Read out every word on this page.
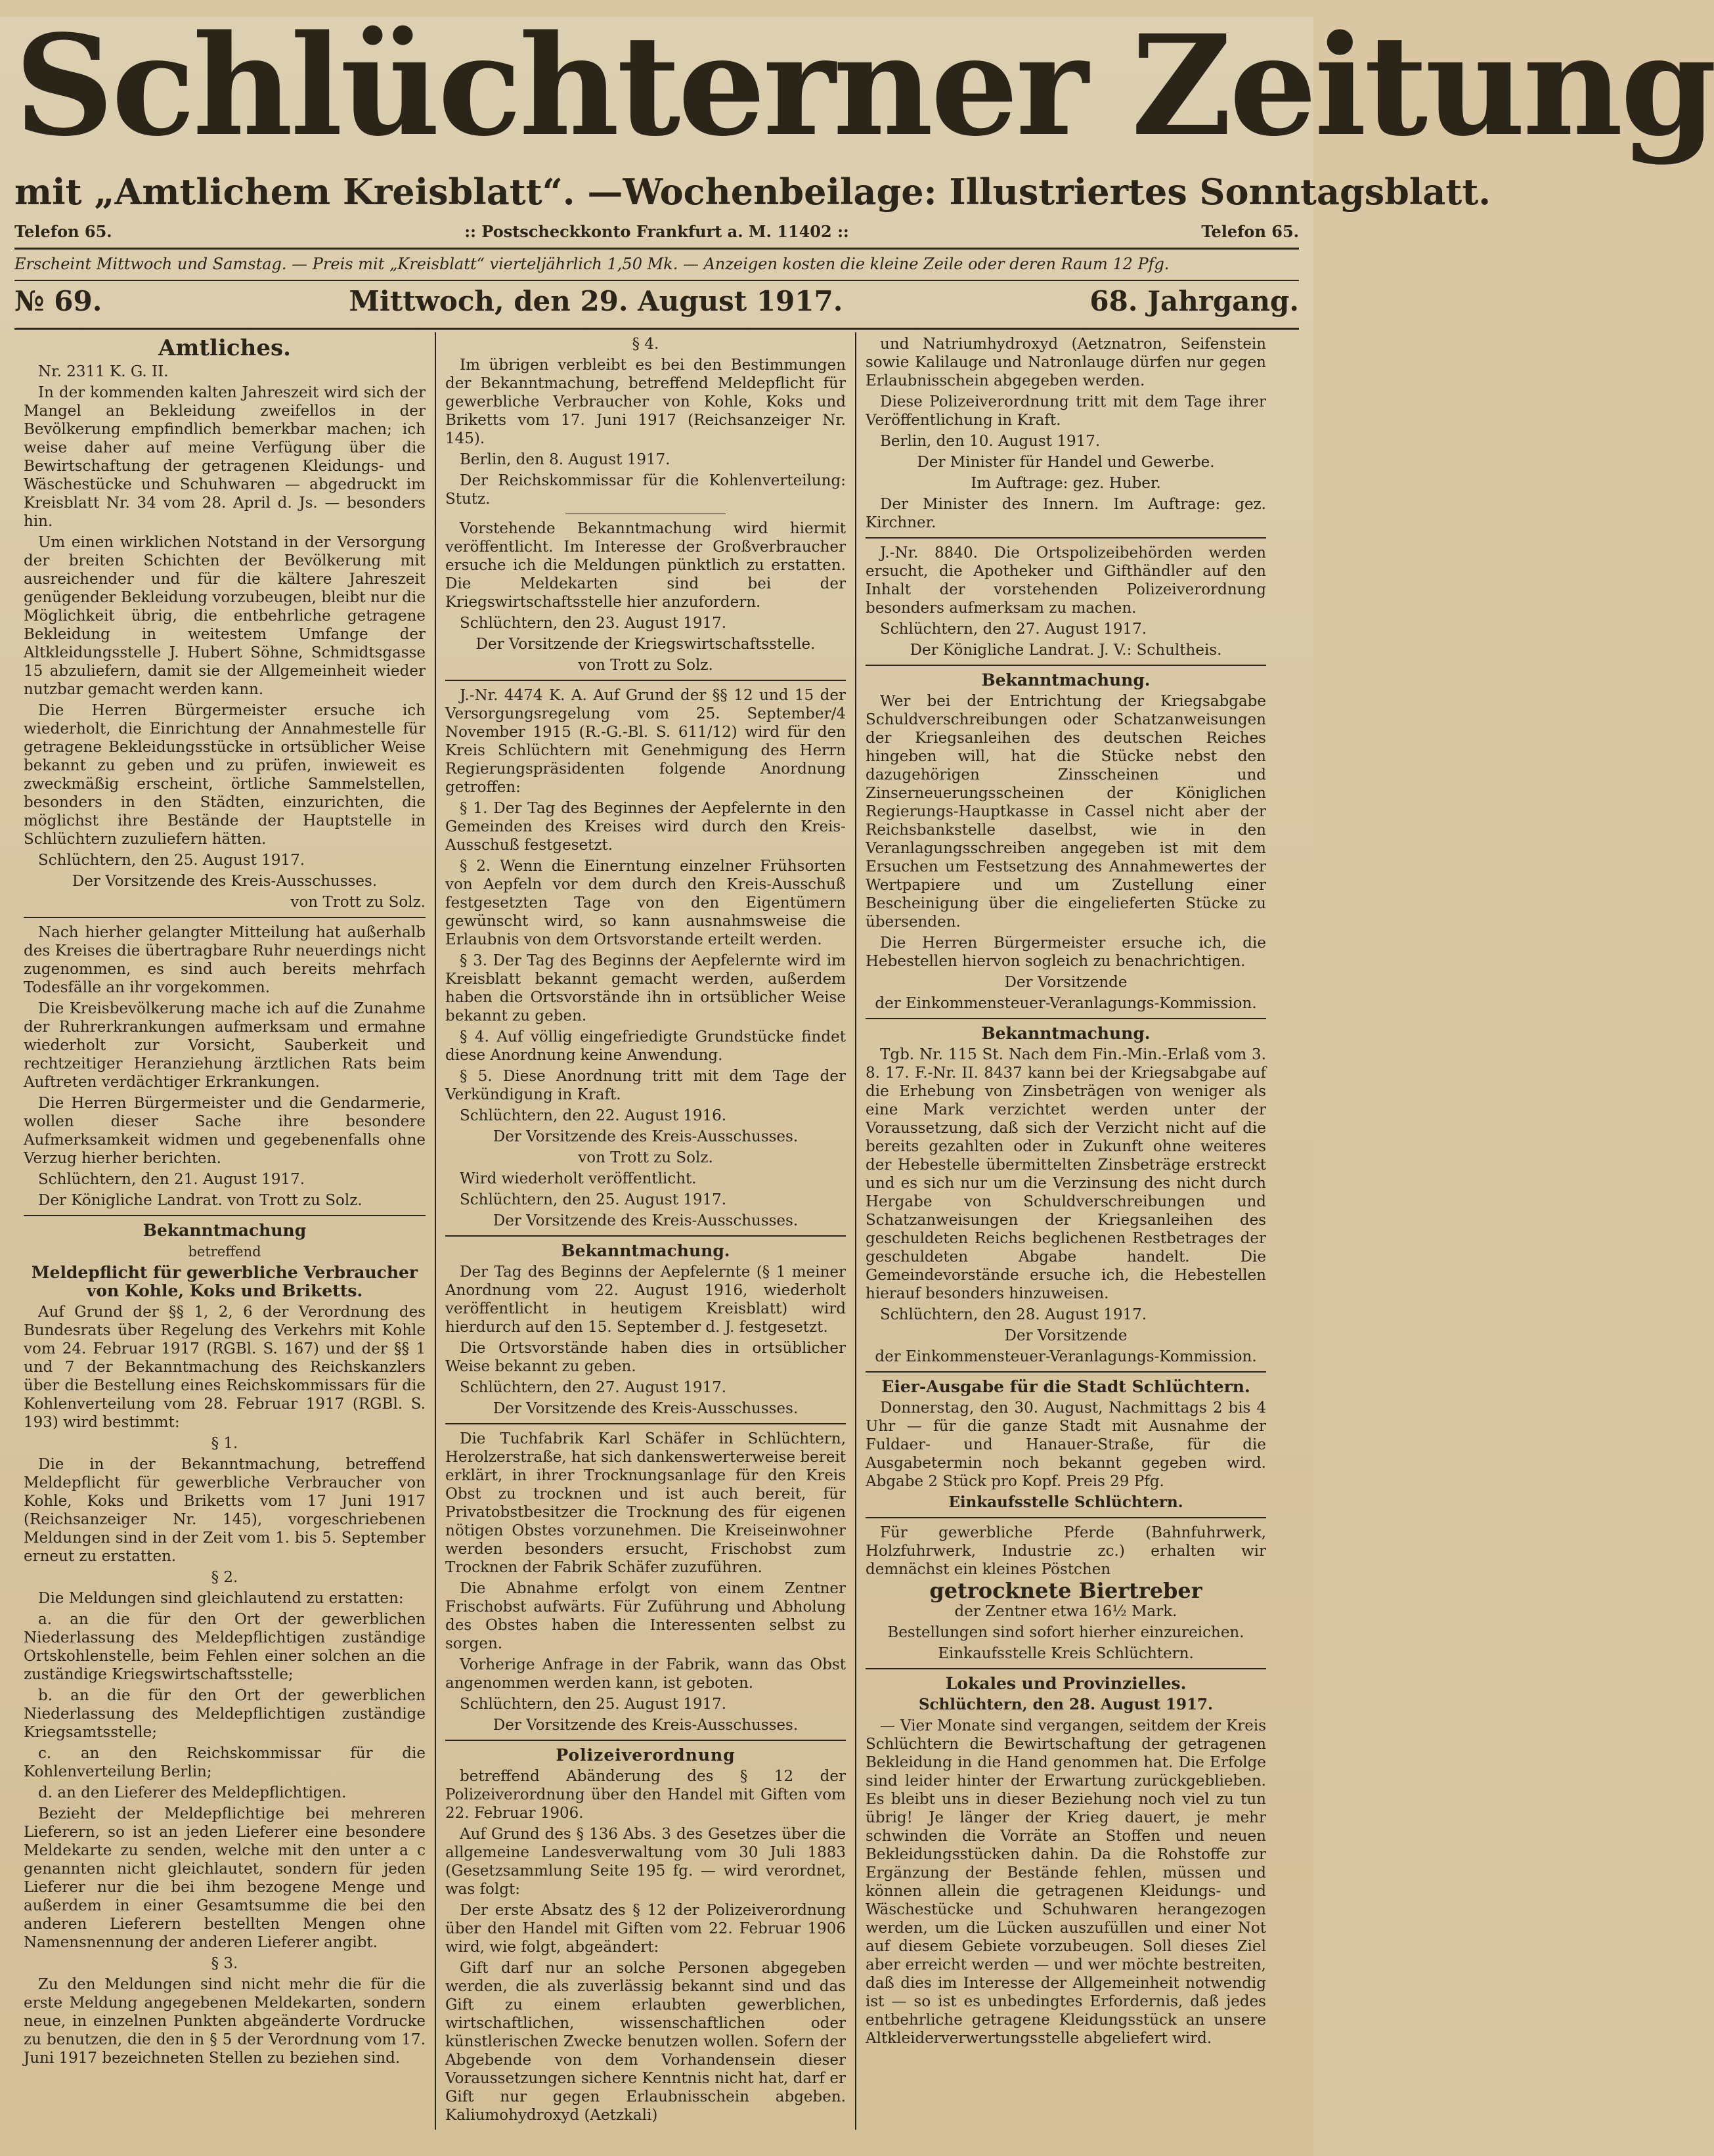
Schlüchterner Zeitung
mit „Amtlichem Kreisblatt“. — Wochenbeilage: Illustriertes Sonntagsblatt.
Telefon 65.	:: Postscheckkonto Frankfurt a. M. 11402 ::	Telefon 65.
Erscheint Mittwoch und Samstag. — Preis mit „Kreisblatt“ vierteljährlich 1,50 Mk. — Anzeigen kosten die kleine Zeile oder deren Raum 12 Pfg.
№ 69.	Mittwoch, den 29. August 1917.	68. Jahrgang.
Amtliches.

Nr. 2311 K. G. II.

In der kommenden kalten Jahreszeit wird sich der Mangel an Bekleidung zweifellos in der Bevölkerung empfindlich bemerkbar machen; ich weise daher auf meine Verfügung über die Bewirtschaftung der getragenen Kleidungs- und Wäschestücke und Schuhwaren — abgedruckt im Kreisblatt Nr. 34 vom 28. April d. Js. — besonders hin.

Um einen wirklichen Notstand in der Versorgung der breiten Schichten der Bevölkerung mit ausreichender und für die kältere Jahreszeit genügender Bekleidung vorzubeugen, bleibt nur die Möglichkeit übrig, die entbehrliche getragene Bekleidung in weitestem Umfange der Altkleidungsstelle J. Hubert Söhne, Schmidtsgasse 15 abzuliefern, damit sie der Allgemeinheit wieder nutzbar gemacht werden kann.

Die Herren Bürgermeister ersuche ich wiederholt, die Einrichtung der Annahmestelle für getragene Bekleidungsstücke in ortsüblicher Weise bekannt zu geben und zu prüfen, inwieweit es zweckmäßig erscheint, örtliche Sammelstellen, besonders in den Städten, einzurichten, die möglichst ihre Bestände der Hauptstelle in Schlüchtern zuzuliefern hätten.

Schlüchtern, den 25. August 1917.

Der Vorsitzende des Kreis-Ausschusses.

von Trott zu Solz.

Nach hierher gelangter Mitteilung hat außerhalb des Kreises die übertragbare Ruhr neuerdings nicht zugenommen, es sind auch bereits mehrfach Todesfälle an ihr vorgekommen.

Die Kreisbevölkerung mache ich auf die Zunahme der Ruhrerkrankungen aufmerksam und ermahne wiederholt zur Vorsicht, Sauberkeit und rechtzeitiger Heranziehung ärztlichen Rats beim Auftreten verdächtiger Erkrankungen.

Die Herren Bürgermeister und die Gendarmerie, wollen dieser Sache ihre besondere Aufmerksamkeit widmen und gegebenenfalls ohne Verzug hierher berichten.

Schlüchtern, den 21. August 1917.

Der Königliche Landrat. von Trott zu Solz.

Bekanntmachung

betreffend

Meldepflicht für gewerbliche Verbraucher von Kohle, Koks und Briketts.

Auf Grund der §§ 1, 2, 6 der Verordnung des Bundesrats über Regelung des Verkehrs mit Kohle vom 24. Februar 1917 (RGBl. S. 167) und der §§ 1 und 7 der Bekanntmachung des Reichskanzlers über die Bestellung eines Reichskommissars für die Kohlenverteilung vom 28. Februar 1917 (RGBl. S. 193) wird bestimmt:

§ 1.

Die in der Bekanntmachung, betreffend Meldepflicht für gewerbliche Verbraucher von Kohle, Koks und Briketts vom 17 Juni 1917 (Reichsanzeiger Nr. 145), vorgeschriebenen Meldungen sind in der Zeit vom 1. bis 5. September erneut zu erstatten.

§ 2.

Die Meldungen sind gleichlautend zu erstatten:

a. an die für den Ort der gewerblichen Niederlassung des Meldepflichtigen zuständige Ortskohlenstelle, beim Fehlen einer solchen an die zuständige Kriegswirtschaftsstelle;

b. an die für den Ort der gewerblichen Niederlassung des Meldepflichtigen zuständige Kriegsamtsstelle;

c. an den Reichskommissar für die Kohlenverteilung Berlin;

d. an den Lieferer des Meldepflichtigen.

Bezieht der Meldepflichtige bei mehreren Lieferern, so ist an jeden Lieferer eine besondere Meldekarte zu senden, welche mit den unter a c genannten nicht gleichlautet, sondern für jeden Lieferer nur die bei ihm bezogene Menge und außerdem in einer Gesamtsumme die bei den anderen Lieferern bestellten Mengen ohne Namensnennung der anderen Lieferer angibt.

§ 3.

Zu den Meldungen sind nicht mehr die für die erste Meldung angegebenen Meldekarten, sondern neue, in einzelnen Punkten abgeänderte Vordrucke zu benutzen, die den in § 5 der Verordnung vom 17. Juni 1917 bezeichneten Stellen zu beziehen sind.

§ 4.

Im übrigen verbleibt es bei den Bestimmungen der Bekanntmachung, betreffend Meldepflicht für gewerbliche Verbraucher von Kohle, Koks und Briketts vom 17. Juni 1917 (Reichsanzeiger Nr. 145).

Berlin, den 8. August 1917.

Der Reichskommissar für die Kohlenverteilung: Stutz.

Vorstehende Bekanntmachung wird hiermit veröffentlicht. Im Interesse der Großverbraucher ersuche ich die Meldungen pünktlich zu erstatten. Die Meldekarten sind bei der Kriegswirtschaftsstelle hier anzufordern.

Schlüchtern, den 23. August 1917.

Der Vorsitzende der Kriegswirtschaftsstelle.

von Trott zu Solz.

J.-Nr. 4474 K. A. Auf Grund der §§ 12 und 15 der Versorgungsregelung vom 25. September/4 November 1915 (R.-G.-Bl. S. 611/12) wird für den Kreis Schlüchtern mit Genehmigung des Herrn Regierungspräsidenten folgende Anordnung getroffen:

§ 1. Der Tag des Beginnes der Aepfelernte in den Gemeinden des Kreises wird durch den Kreis-Ausschuß festgesetzt.

§ 2. Wenn die Einerntung einzelner Frühsorten von Aepfeln vor dem durch den Kreis-Ausschuß festgesetzten Tage von den Eigentümern gewünscht wird, so kann ausnahmsweise die Erlaubnis von dem Ortsvorstande erteilt werden.

§ 3. Der Tag des Beginns der Aepfelernte wird im Kreisblatt bekannt gemacht werden, außerdem haben die Ortsvorstände ihn in ortsüblicher Weise bekannt zu geben.

§ 4. Auf völlig eingefriedigte Grundstücke findet diese Anordnung keine Anwendung.

§ 5. Diese Anordnung tritt mit dem Tage der Verkündigung in Kraft.

Schlüchtern, den 22. August 1916.

Der Vorsitzende des Kreis-Ausschusses.

von Trott zu Solz.

Wird wiederholt veröffentlicht.

Schlüchtern, den 25. August 1917.

Der Vorsitzende des Kreis-Ausschusses.

Bekanntmachung.

Der Tag des Beginns der Aepfelernte (§ 1 meiner Anordnung vom 22. August 1916, wiederholt veröffentlicht in heutigem Kreisblatt) wird hierdurch auf den 15. September d. J. festgesetzt.

Die Ortsvorstände haben dies in ortsüblicher Weise bekannt zu geben.

Schlüchtern, den 27. August 1917.

Der Vorsitzende des Kreis-Ausschusses.

Die Tuchfabrik Karl Schäfer in Schlüchtern, Herolzerstraße, hat sich dankenswerterweise bereit erklärt, in ihrer Trocknungsanlage für den Kreis Obst zu trocknen und ist auch bereit, für Privatobstbesitzer die Trocknung des für eigenen nötigen Obstes vorzunehmen. Die Kreiseinwohner werden besonders ersucht, Frischobst zum Trocknen der Fabrik Schäfer zuzuführen.

Die Abnahme erfolgt von einem Zentner Frischobst aufwärts. Für Zuführung und Abholung des Obstes haben die Interessenten selbst zu sorgen.

Vorherige Anfrage in der Fabrik, wann das Obst angenommen werden kann, ist geboten.

Schlüchtern, den 25. August 1917.

Der Vorsitzende des Kreis-Ausschusses.

Polizeiverordnung

betreffend Abänderung des § 12 der Polizeiverordnung über den Handel mit Giften vom 22. Februar 1906.

Auf Grund des § 136 Abs. 3 des Gesetzes über die allgemeine Landesverwaltung vom 30 Juli 1883 (Gesetzsammlung Seite 195 fg. — wird verordnet, was folgt:

Der erste Absatz des § 12 der Polizeiverordnung über den Handel mit Giften vom 22. Februar 1906 wird, wie folgt, abgeändert:

Gift darf nur an solche Personen abgegeben werden, die als zuverlässig bekannt sind und das Gift zu einem erlaubten gewerblichen, wirtschaftlichen, wissenschaftlichen oder künstlerischen Zwecke benutzen wollen. Sofern der Abgebende von dem Vorhandensein dieser Voraussetzungen sichere Kenntnis nicht hat, darf er Gift nur gegen Erlaubnisschein abgeben. Kaliumohydroxyd (Aetzkali)

und Natriumhydroxyd (Aetznatron, Seifenstein sowie Kalilauge und Natronlauge dürfen nur gegen Erlaubnisschein abgegeben werden.

Diese Polizeiverordnung tritt mit dem Tage ihrer Veröffentlichung in Kraft.

Berlin, den 10. August 1917.

Der Minister für Handel und Gewerbe.

Im Auftrage: gez. Huber.

Der Minister des Innern. Im Auftrage: gez. Kirchner.

J.-Nr. 8840. Die Ortspolizeibehörden werden ersucht, die Apotheker und Gifthändler auf den Inhalt der vorstehenden Polizeiverordnung besonders aufmerksam zu machen.

Schlüchtern, den 27. August 1917.

Der Königliche Landrat. J. V.: Schultheis.

Bekanntmachung.

Wer bei der Entrichtung der Kriegsabgabe Schuldverschreibungen oder Schatzanweisungen der Kriegsanleihen des deutschen Reiches hingeben will, hat die Stücke nebst den dazugehörigen Zinsscheinen und Zinserneuerungsscheinen der Königlichen Regierungs-Hauptkasse in Cassel nicht aber der Reichsbankstelle daselbst, wie in den Veranlagungsschreiben angegeben ist mit dem Ersuchen um Festsetzung des Annahmewertes der Wertpapiere und um Zustellung einer Bescheinigung über die eingelieferten Stücke zu übersenden.

Die Herren Bürgermeister ersuche ich, die Hebestellen hiervon sogleich zu benachrichtigen.

Der Vorsitzende

der Einkommensteuer-Veranlagungs-Kommission.

Bekanntmachung.

Tgb. Nr. 115 St. Nach dem Fin.-Min.-Erlaß vom 3. 8. 17. F.-Nr. II. 8437 kann bei der Kriegsabgabe auf die Erhebung von Zinsbeträgen von weniger als eine Mark verzichtet werden unter der Voraussetzung, daß sich der Verzicht nicht auf die bereits gezahlten oder in Zukunft ohne weiteres der Hebestelle übermittelten Zinsbeträge erstreckt und es sich nur um die Verzinsung des nicht durch Hergabe von Schuldverschreibungen und Schatzanweisungen der Kriegsanleihen des geschuldeten Reichs beglichenen Restbetrages der geschuldeten Abgabe handelt. Die Gemeindevorstände ersuche ich, die Hebestellen hierauf besonders hinzuweisen.

Schlüchtern, den 28. August 1917.

Der Vorsitzende

der Einkommensteuer-Veranlagungs-Kommission.

Eier-Ausgabe für die Stadt Schlüchtern.

Donnerstag, den 30. August, Nachmittags 2 bis 4 Uhr — für die ganze Stadt mit Ausnahme der Fuldaer- und Hanauer-Straße, für die Ausgabetermin noch bekannt gegeben wird. Abgabe 2 Stück pro Kopf. Preis 29 Pfg.

Einkaufsstelle Schlüchtern.

Für gewerbliche Pferde (Bahnfuhrwerk, Holzfuhrwerk, Industrie zc.) erhalten wir demnächst ein kleines Pöstchen

getrocknete Biertreber

der Zentner etwa 16½ Mark.

Bestellungen sind sofort hierher einzureichen.

Einkaufsstelle Kreis Schlüchtern.

Lokales und Provinzielles.

Schlüchtern, den 28. August 1917.

— Vier Monate sind vergangen, seitdem der Kreis Schlüchtern die Bewirtschaftung der getragenen Bekleidung in die Hand genommen hat. Die Erfolge sind leider hinter der Erwartung zurückgeblieben. Es bleibt uns in dieser Beziehung noch viel zu tun übrig! Je länger der Krieg dauert, je mehr schwinden die Vorräte an Stoffen und neuen Bekleidungsstücken dahin. Da die Rohstoffe zur Ergänzung der Bestände fehlen, müssen und können allein die getragenen Kleidungs- und Wäschestücke und Schuhwaren herangezogen werden, um die Lücken auszufüllen und einer Not auf diesem Gebiete vorzubeugen. Soll dieses Ziel aber erreicht werden — und wer möchte bestreiten, daß dies im Interesse der Allgemeinheit notwendig ist — so ist es unbedingtes Erfordernis, daß jedes entbehrliche getragene Kleidungsstück an unsere Altkleiderverwertungsstelle abgeliefert wird.
